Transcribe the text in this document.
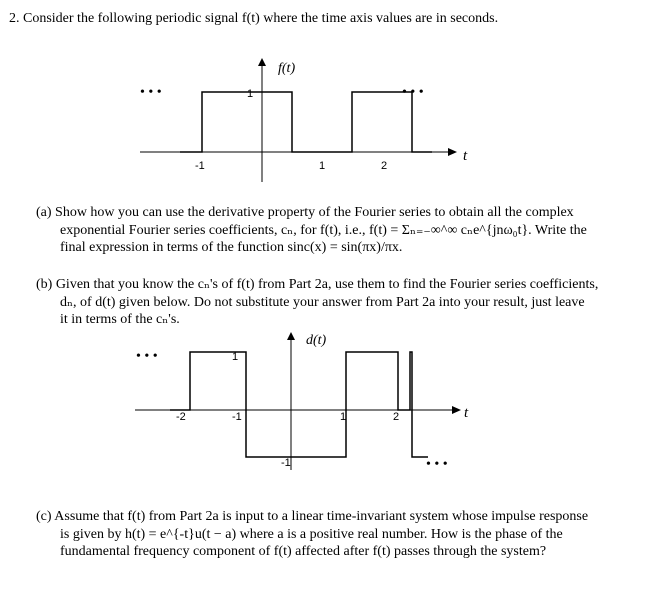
2. Consider the following periodic signal f(t) where the time axis values are in seconds.
• • •	• • •
f(t)
t
1
-1	1	2
(a) Show how you can use the derivative property of the Fourier series to obtain all the complex
exponential Fourier series coefficients, cₙ, for f(t), i.e., f(t) = Σₙ₌₋∞^∞ cₙe^{jnω₀t}. Write the
final expression in terms of the function sinc(x) = sin(πx)/πx.
(b) Given that you know the cₙ's of f(t) from Part 2a, use them to find the Fourier series coefficients,
dₙ, of d(t) given below. Do not substitute your answer from Part 2a into your result, just leave
it in terms of the cₙ's.
• • •
• • •
d(t)
t
1
-1
-2	-1	1	2
(c) Assume that f(t) from Part 2a is input to a linear time-invariant system whose impulse response
is given by h(t) = e^{-t}u(t − a) where a is a positive real number. How is the phase of the
fundamental frequency component of f(t) affected after f(t) passes through the system?
